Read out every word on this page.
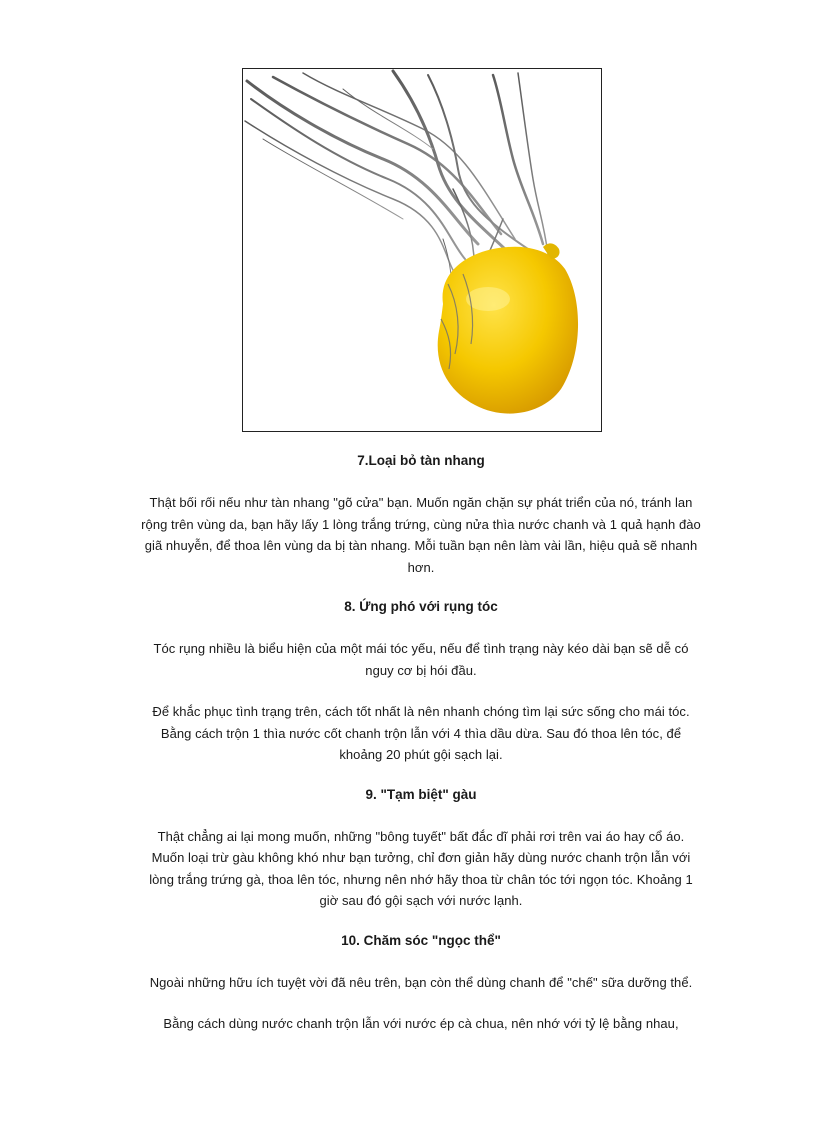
7.Loại bỏ tàn nhang

Thật bối rối nếu như tàn nhang "gõ cửa" bạn. Muốn ngăn chặn sự phát triển của nó, tránh lan rộng trên vùng da, bạn hãy lấy 1 lòng trắng trứng, cùng nửa thìa nước chanh và 1 quả hạnh đào giã nhuyễn, để thoa lên vùng da bị tàn nhang. Mỗi tuần bạn nên làm vài lần, hiệu quả sẽ nhanh hơn.

8. Ứng phó với rụng tóc

Tóc rụng nhiều là biểu hiện của một mái tóc yếu, nếu để tình trạng này kéo dài bạn sẽ dễ có nguy cơ bị hói đầu.

Để khắc phục tình trạng trên, cách tốt nhất là nên nhanh chóng tìm lại sức sống cho mái tóc. Bằng cách trộn 1 thìa nước cốt chanh trộn lẫn với 4 thìa dầu dừa. Sau đó thoa lên tóc, để khoảng 20 phút gội sạch lại.

9. "Tạm biệt" gàu

Thật chẳng ai lại mong muốn, những "bông tuyết" bất đắc dĩ phải rơi trên vai áo hay cổ áo. Muốn loại trừ gàu không khó như bạn tưởng, chỉ đơn giản hãy dùng nước chanh trộn lẫn với lòng trắng trứng gà, thoa lên tóc, nhưng nên nhớ hãy thoa từ chân tóc tới ngọn tóc. Khoảng 1 giờ sau đó gội sạch với nước lạnh.

10. Chăm sóc "ngọc thể"

Ngoài những hữu ích tuyệt vời đã nêu trên, bạn còn thể dùng chanh để "chế" sữa dưỡng thể.

Bằng cách dùng nước chanh trộn lẫn với nước ép cà chua, nên nhớ với tỷ lệ bằng nhau,
